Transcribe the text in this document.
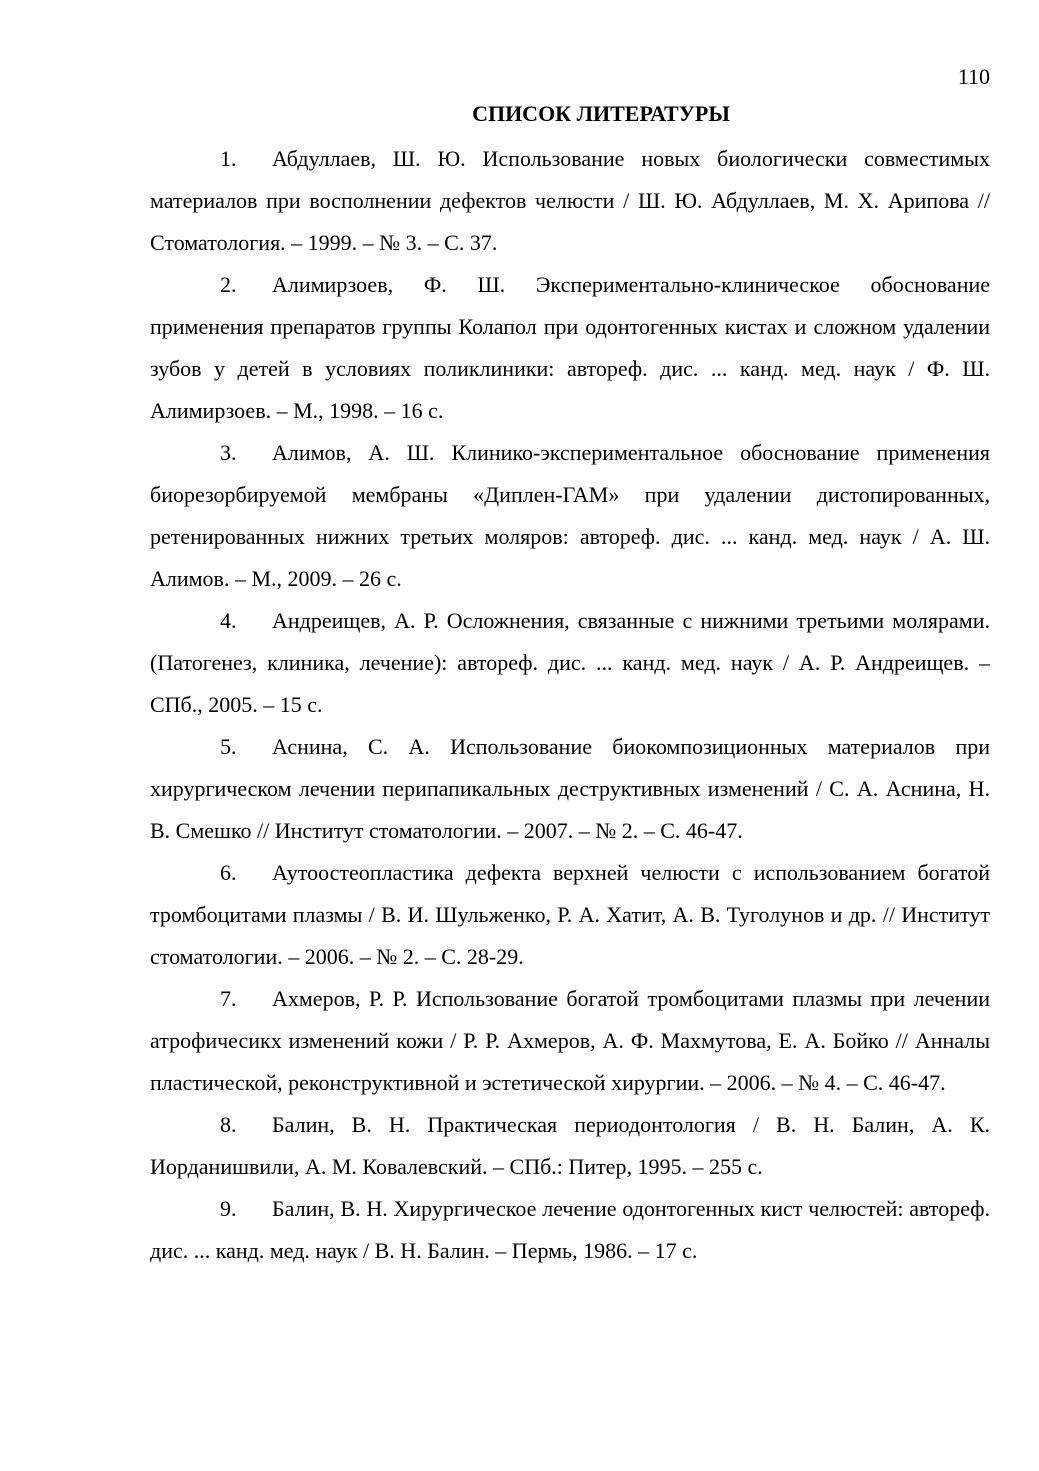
110
СПИСОК ЛИТЕРАТУРЫ
1. Абдуллаев, Ш. Ю. Использование новых биологически совместимых материалов при восполнении дефектов челюсти / Ш. Ю. Абдуллаев, М. Х. Арипова // Стоматология. – 1999. – № 3. – С. 37.
2. Алимирзоев, Ф. Ш. Экспериментально-клиническое обоснование применения препаратов группы Колапол при одонтогенных кистах и сложном удалении зубов у детей в условиях поликлиники: автореф. дис. ... канд. мед. наук / Ф. Ш. Алимирзоев. – М., 1998. – 16 с.
3. Алимов, А. Ш. Клинико-экспериментальное обоснование применения биорезорбируемой мембраны «Диплен-ГАМ» при удалении дистопированных, ретенированных нижних третьих моляров: автореф. дис. ... канд. мед. наук / А. Ш. Алимов. – М., 2009. – 26 с.
4. Андреищев, А. Р. Осложнения, связанные с нижними третьими молярами. (Патогенез, клиника, лечение): автореф. дис. ... канд. мед. наук / А. Р. Андреищев. – СПб., 2005. – 15 с.
5. Аснина, С. А. Использование биокомпозиционных материалов при хирургическом лечении перипапикальных деструктивных изменений / С. А. Аснина, Н. В. Смешко // Институт стоматологии. – 2007. – № 2. – С. 46-47.
6. Аутоостеопластика дефекта верхней челюсти с использованием богатой тромбоцитами плазмы / В. И. Шульженко, Р. А. Хатит, А. В. Туголунов и др. // Институт стоматологии. – 2006. – № 2. – С. 28-29.
7. Ахмеров, Р. Р. Использование богатой тромбоцитами плазмы при лечении атрофичесикх изменений кожи / Р. Р. Ахмеров, А. Ф. Махмутова, Е. А. Бойко // Анналы пластической, реконструктивной и эстетической хирургии. – 2006. – № 4. – С. 46-47.
8. Балин, В. Н. Практическая периодонтология / В. Н. Балин, А. К. Иорданишвили, А. М. Ковалевский. – СПб.: Питер, 1995. – 255 с.
9. Балин, В. Н. Хирургическое лечение одонтогенных кист челюстей: автореф. дис. ... канд. мед. наук / В. Н. Балин. – Пермь, 1986. – 17 с.
